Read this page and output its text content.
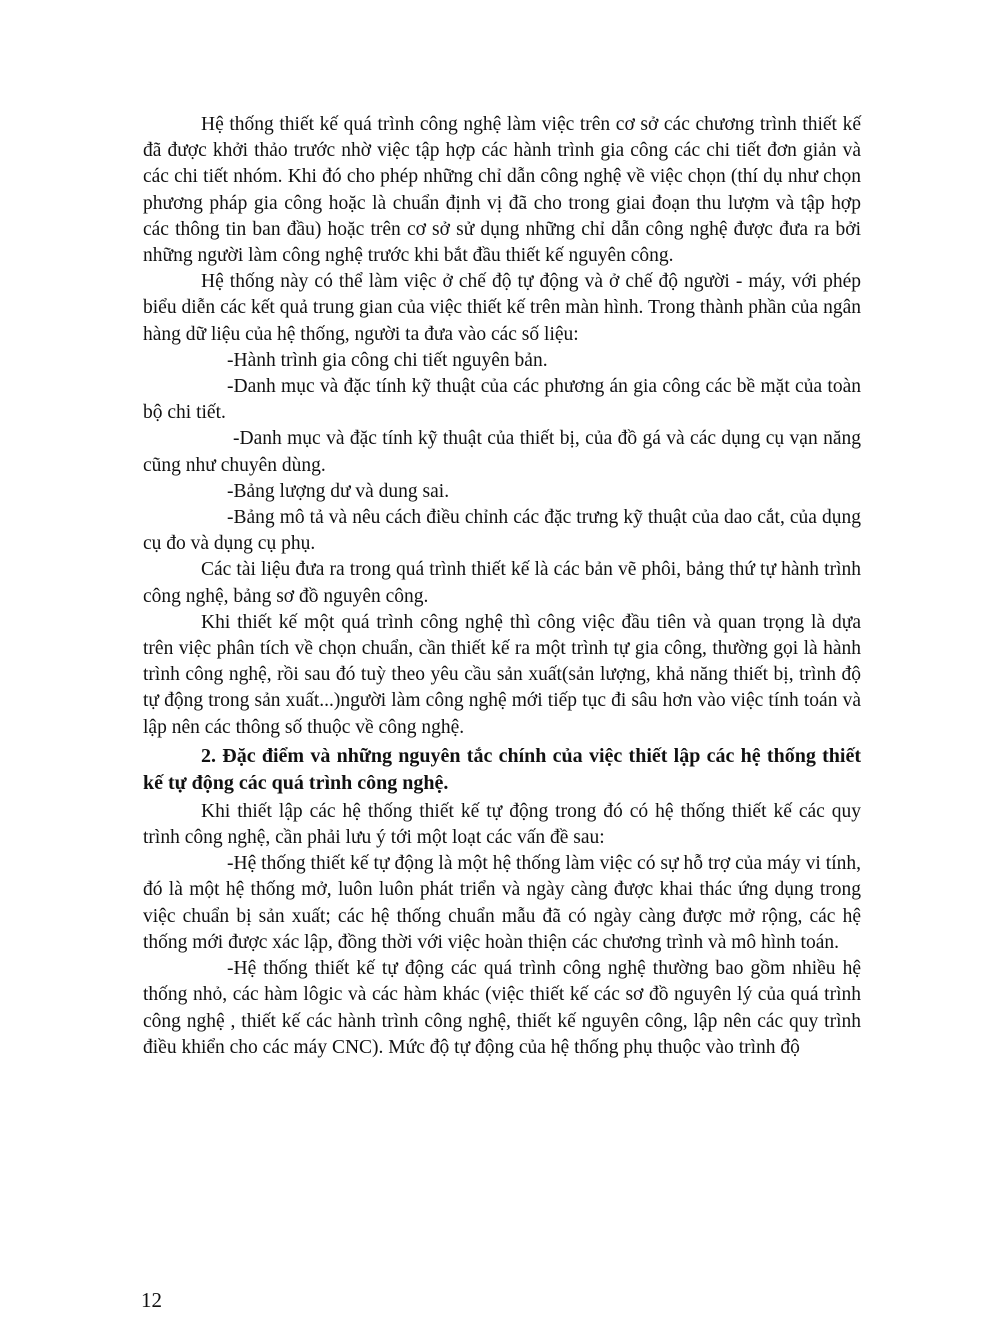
Hệ thống thiết kế quá trình công nghệ làm việc trên cơ sở các chương trình thiết kế đã được khởi thảo trước nhờ việc tập hợp các hành trình gia công các chi tiết đơn giản và các chi tiết nhóm. Khi đó cho phép những chỉ dẫn công nghệ về việc chọn (thí dụ như chọn phương pháp gia công hoặc là chuẩn định vị đã cho trong giai đoạn thu lượm và tập hợp các thông tin ban đầu) hoặc trên cơ sở sử dụng những chỉ dẫn công nghệ được đưa ra bởi những người làm công nghệ trước khi bắt đầu thiết kế nguyên công.

Hệ thống này có thể làm việc ở chế độ tự động và ở chế độ người - máy, với phép biểu diễn các kết quả trung gian của việc thiết kế trên màn hình. Trong thành phần của ngân hàng dữ liệu của hệ thống, người ta đưa vào các số liệu:

-Hành trình gia công chi tiết nguyên bản.

-Danh mục và đặc tính kỹ thuật của các phương án gia công các bề mặt của toàn bộ chi tiết.

-Danh mục và đặc tính kỹ thuật của thiết bị, của đồ gá và các dụng cụ vạn năng cũng như chuyên dùng.

-Bảng lượng dư và dung sai.

-Bảng mô tả và nêu cách điều chỉnh các đặc trưng kỹ thuật của dao cắt, của dụng cụ đo và dụng cụ phụ.

Các tài liệu đưa ra trong quá trình thiết kế là các bản vẽ phôi, bảng thứ tự hành trình công nghệ, bảng sơ đồ nguyên công.

Khi thiết kế một quá trình công nghệ thì công việc đầu tiên và quan trọng là dựa trên việc phân tích về chọn chuẩn, cần thiết kế ra một trình tự gia công, thường gọi là hành trình công nghệ, rồi sau đó tuỳ theo yêu cầu sản xuất(sản lượng, khả năng thiết bị, trình độ tự động trong sản xuất...)người làm công nghệ mới tiếp tục đi sâu hơn vào việc tính toán và lập nên các thông số thuộc về công nghệ.

2. Đặc điểm và những nguyên tắc chính của việc thiết lập các hệ thống thiết kế tự động các quá trình công nghệ.

Khi thiết lập các hệ thống thiết kế tự động trong đó có hệ thống thiết kế các quy trình công nghệ, cần phải lưu ý tới một loạt các vấn đề sau:

-Hệ thống thiết kế tự động là một hệ thống làm việc có sự hỗ trợ của máy vi tính, đó là một hệ thống mở, luôn luôn phát triển và ngày càng được khai thác ứng dụng trong việc chuẩn bị sản xuất; các hệ thống chuẩn mẫu đã có ngày càng được mở rộng, các hệ thống mới được xác lập, đồng thời với việc hoàn thiện các chương trình và mô hình toán.

-Hệ thống thiết kế tự động các quá trình công nghệ thường bao gồm nhiều hệ thống nhỏ, các hàm lôgic và các hàm khác (việc thiết kế các sơ đồ nguyên lý của quá trình công nghệ , thiết kế các hành trình công nghệ, thiết kế nguyên công, lập nên các quy trình điều khiển cho các máy CNC). Mức độ tự động của hệ thống phụ thuộc vào trình độ

12
